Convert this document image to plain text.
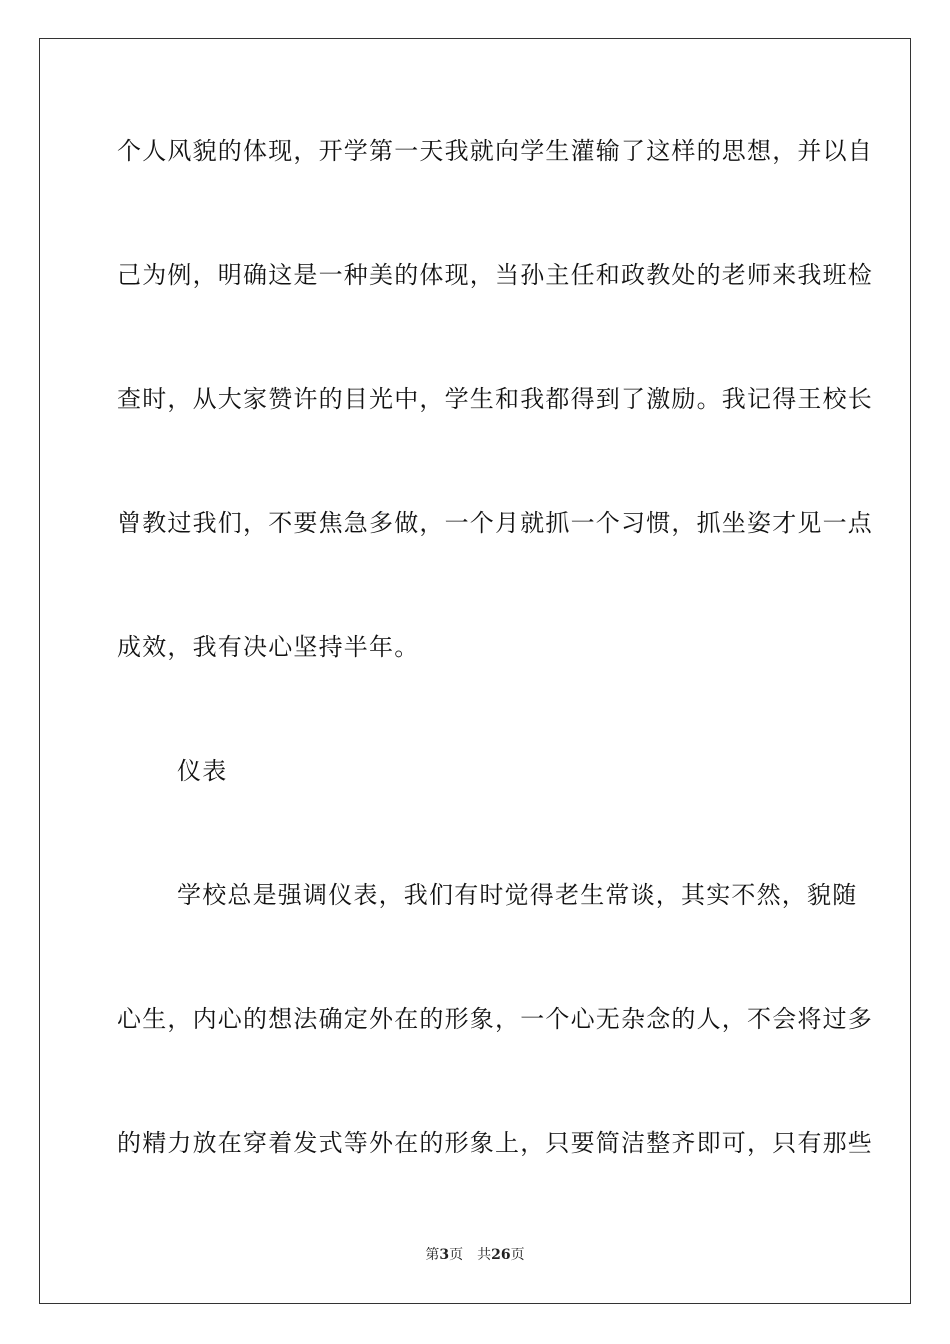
个人风貌的体现，开学第一天我就向学生灌输了这样的思想，并以自
己为例，明确这是一种美的体现，当孙主任和政教处的老师来我班检
查时，从大家赞许的目光中，学生和我都得到了激励。我记得王校长
曾教过我们，不要焦急多做，一个月就抓一个习惯，抓坐姿才见一点
成效，我有决心坚持半年。
仪表
学校总是强调仪表，我们有时觉得老生常谈，其实不然，貌随
心生，内心的想法确定外在的形象，一个心无杂念的人，不会将过多
的精力放在穿着发式等外在的形象上，只要简洁整齐即可，只有那些
第3页 共26页
